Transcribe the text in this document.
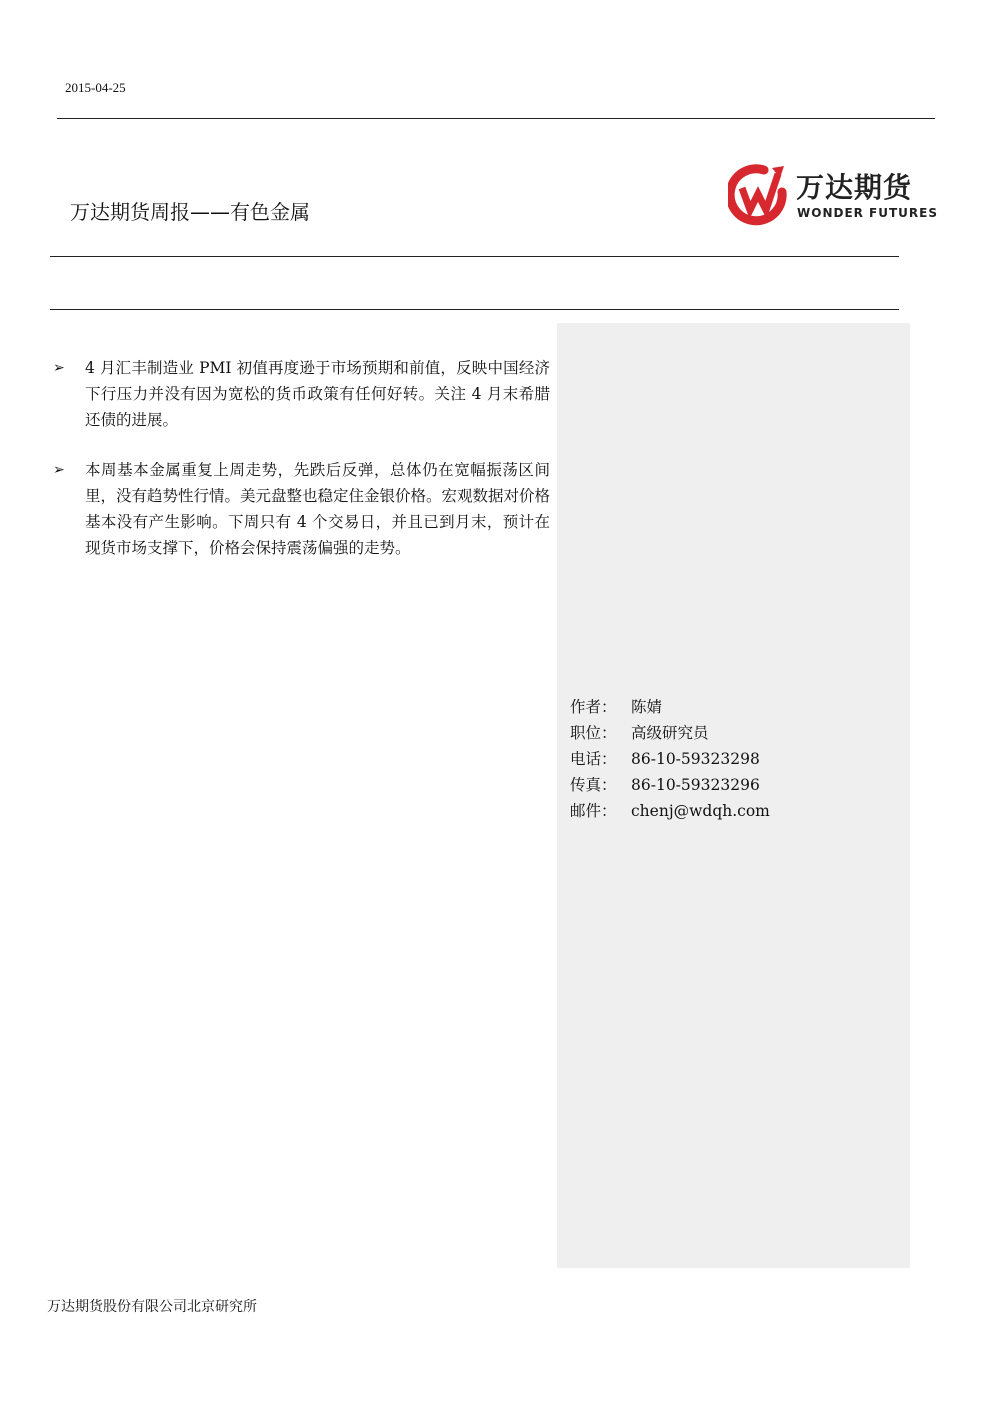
2015-04-25
万达期货周报——有色金属
万达期货
WONDER FUTURES
➢ 4 月汇丰制造业 PMI 初值再度逊于市场预期和前值，反映中国经济下行压力并没有因为宽松的货币政策有任何好转。关注 4 月末希腊还债的进展。
➢ 本周基本金属重复上周走势，先跌后反弹，总体仍在宽幅振荡区间里，没有趋势性行情。美元盘整也稳定住金银价格。宏观数据对价格基本没有产生影响。下周只有 4 个交易日，并且已到月末，预计在现货市场支撑下，价格会保持震荡偏强的走势。
作者： 陈婧
职位： 高级研究员
电话： 86-10-59323298
传真： 86-10-59323296
邮件： chenj@wdqh.com
万达期货股份有限公司北京研究所
